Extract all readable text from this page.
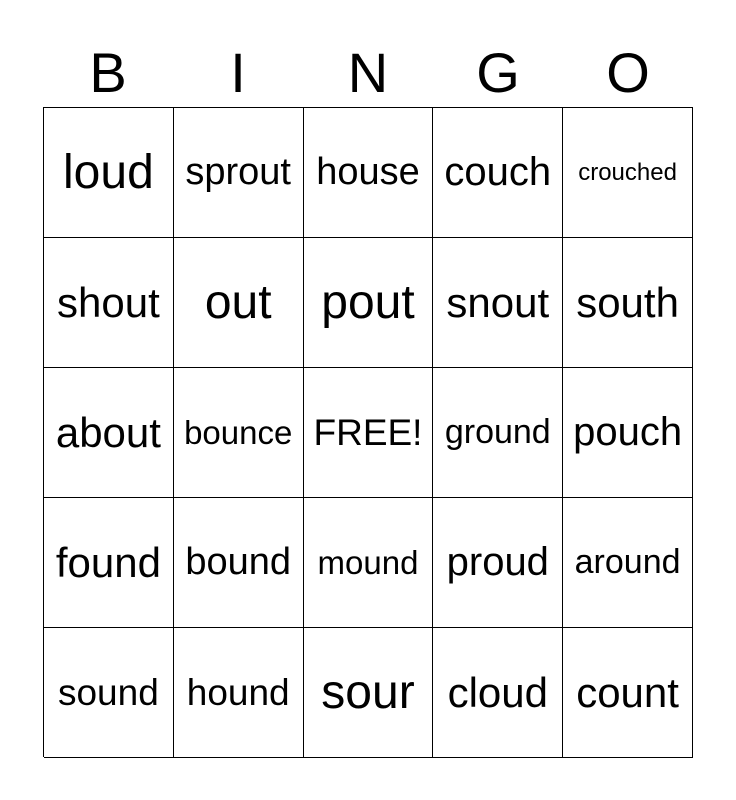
B	I	N	G	O
loud sprout house couch crouched
shout out pout snout south
about bounce FREE! ground pouch
found bound mound proud around
sound hound sour cloud count
